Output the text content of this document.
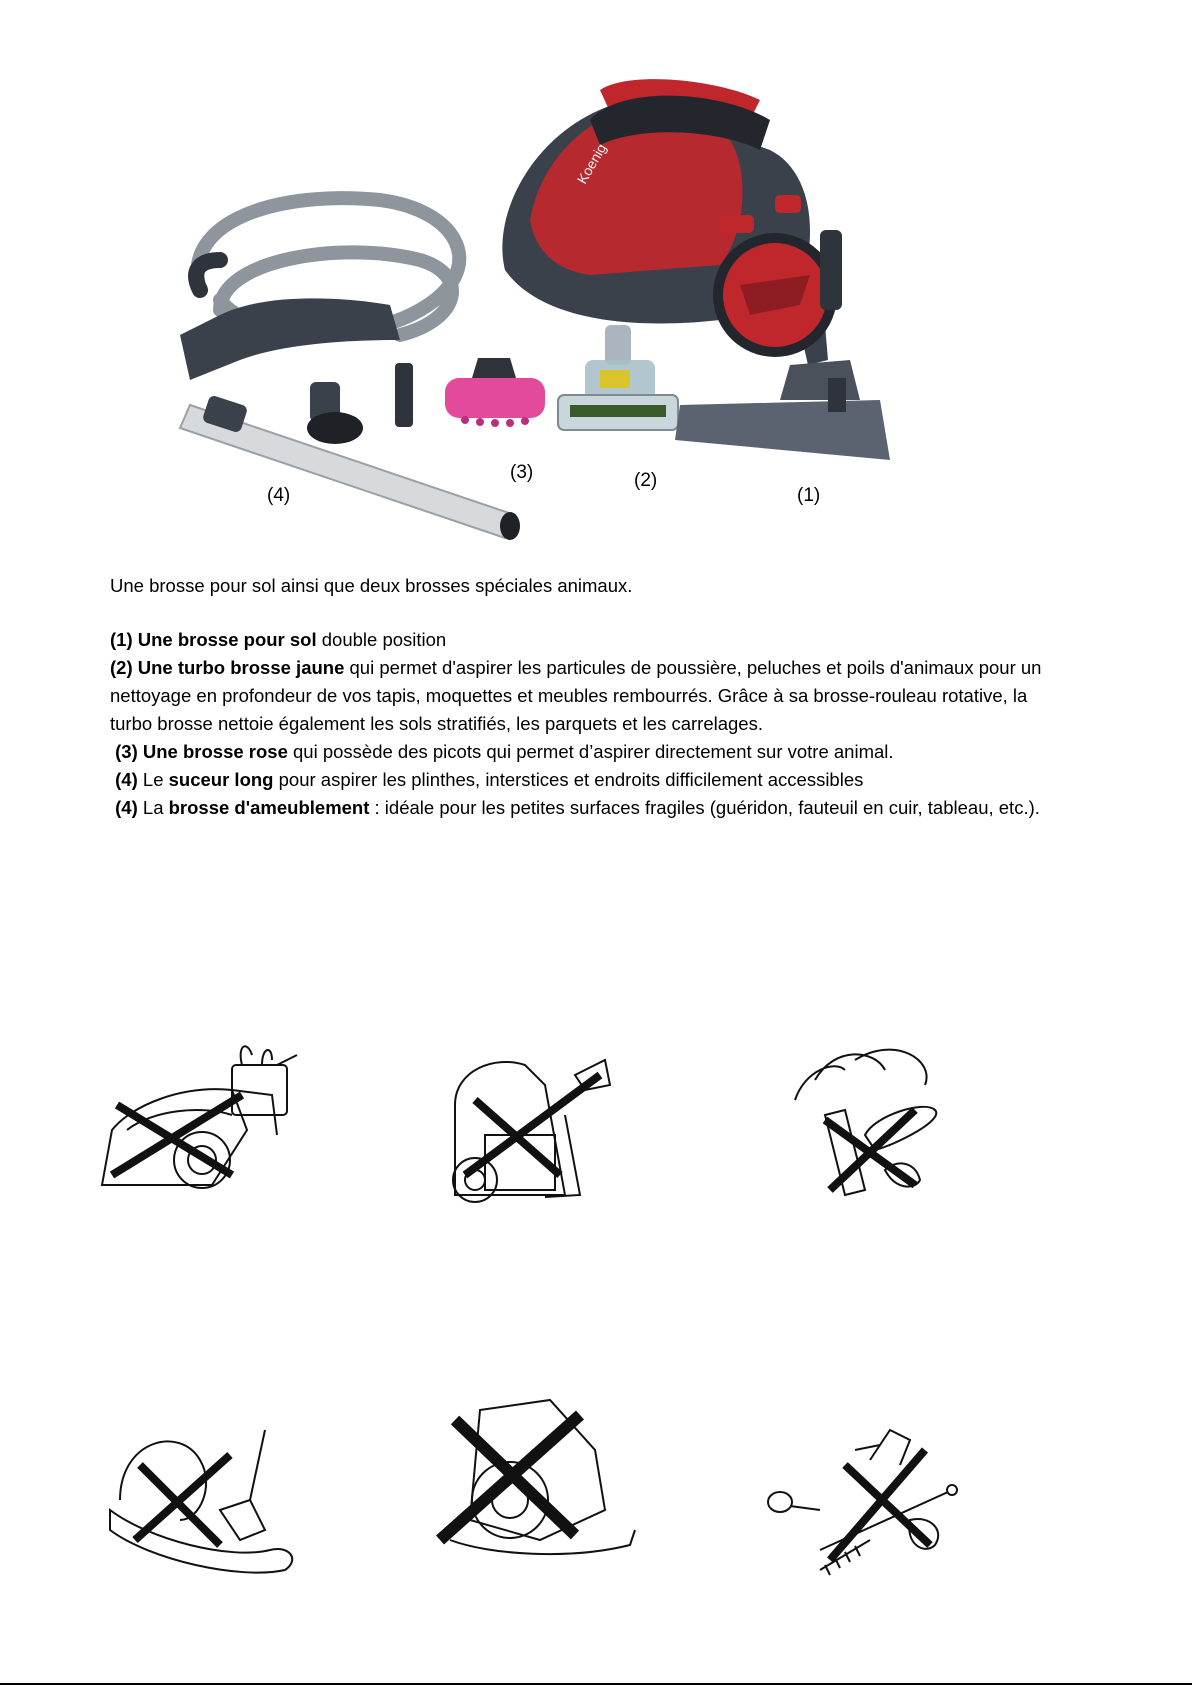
Koenig
(4)
(3)	(2)
(1)

Une brosse pour sol ainsi que deux brosses spéciales animaux.

(1) Une brosse pour sol double position

(2) Une turbo brosse jaune qui permet d'aspirer les particules de poussière, peluches et poils d'animaux pour un nettoyage en profondeur de vos tapis, moquettes et meubles rembourrés. Grâce à sa brosse-rouleau rotative, la turbo brosse nettoie également les sols stratifiés, les parquets et les carrelages.

(3) Une brosse rose qui possède des picots qui permet d’aspirer directement sur votre animal.

(4) Le suceur long pour aspirer les plinthes, interstices et endroits difficilement accessibles

(4) La brosse d'ameublement : idéale pour les petites surfaces fragiles (guéridon, fauteuil en cuir, tableau, etc.).
